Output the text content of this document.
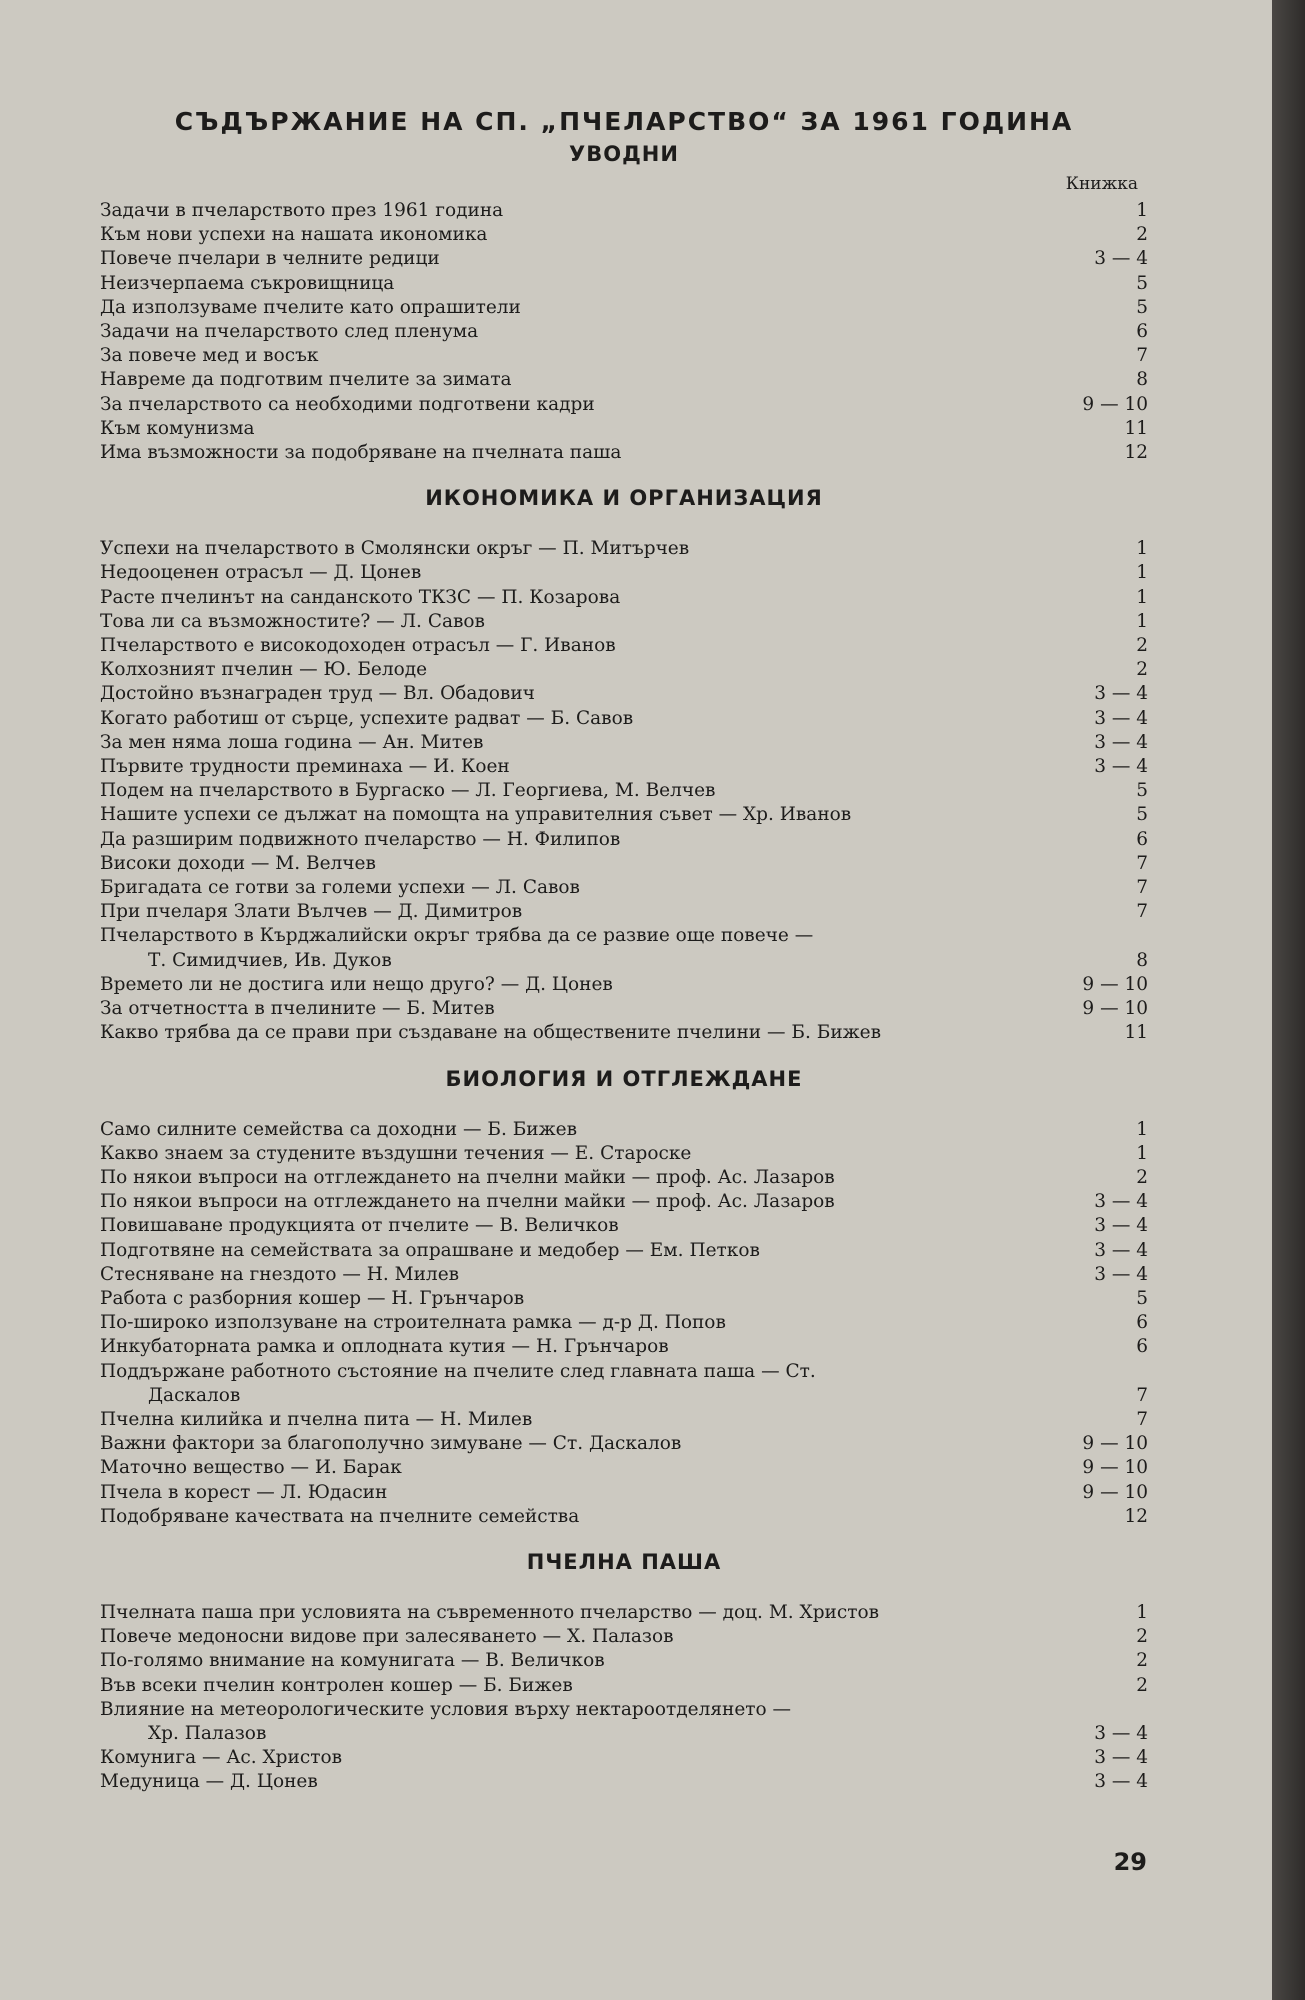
СЪДЪРЖАНИЕ НА СП. „ПЧЕЛАРСТВО“ ЗА 1961 ГОДИНА
УВОДНИ
Книжка
Задачи в пчеларството през 1961 година	1
Към нови успехи на нашата икономика	2
Повече пчелари в челните редици	3 — 4
Неизчерпаема съкровищница	5
Да използуваме пчелите като опрашители	5
Задачи на пчеларството след пленума	6
За повече мед и восък	7
Навреме да подготвим пчелите за зимата	8
За пчеларството са необходими подготвени кадри	9 — 10
Към комунизма	11
Има възможности за подобряване на пчелната паша	12
ИКОНОМИКА И ОРГАНИЗАЦИЯ
Успехи на пчеларството в Смолянски окръг — П. Митърчев	1
Недооценен отрасъл — Д. Цонев	1
Расте пчелинът на санданското ТКЗС — П. Козарова	1
Това ли са възможностите? — Л. Савов	1
Пчеларството е високодоходен отрасъл — Г. Иванов	2
Колхозният пчелин — Ю. Белоде	2
Достойно възнаграден труд — Вл. Обадович	3 — 4
Когато работиш от сърце, успехите радват — Б. Савов	3 — 4
За мен няма лоша година — Ан. Митев	3 — 4
Първите трудности преминаха — И. Коен	3 — 4
Подем на пчеларството в Бургаско — Л. Георгиева, М. Велчев	5
Нашите успехи се дължат на помощта на управителния съвет — Хр. Иванов	5
Да разширим подвижното пчеларство — Н. Филипов	6
Високи доходи — М. Велчев	7
Бригадата се готви за големи успехи — Л. Савов	7
При пчеларя Злати Вълчев — Д. Димитров	7
Пчеларството в Кърджалийски окръг трябва да се развие още повече —
Т. Симидчиев, Ив. Дуков	8
Времето ли не достига или нещо друго? — Д. Цонев	9 — 10
За отчетността в пчелините — Б. Митев	9 — 10
Какво трябва да се прави при създаване на обществените пчелини — Б. Бижев	11
БИОЛОГИЯ И ОТГЛЕЖДАНЕ
Само силните семейства са доходни — Б. Бижев	1
Какво знаем за студените въздушни течения — Е. Староске	1
По някои въпроси на отглеждането на пчелни майки — проф. Ас. Лазаров	2
По някои въпроси на отглеждането на пчелни майки — проф. Ас. Лазаров	3 — 4
Повишаване продукцията от пчелите — В. Величков	3 — 4
Подготвяне на семействата за опрашване и медобер — Ем. Петков	3 — 4
Стесняване на гнездото — Н. Милев	3 — 4
Работа с разборния кошер — Н. Грънчаров	5
По-широко използуване на строителната рамка — д-р Д. Попов	6
Инкубаторната рамка и оплодната кутия — Н. Грънчаров	6
Поддържане работното състояние на пчелите след главната паша — Ст.
Даскалов	7
Пчелна килийка и пчелна пита — Н. Милев	7
Важни фактори за благополучно зимуване — Ст. Даскалов	9 — 10
Маточно вещество — И. Барак	9 — 10
Пчела в корест — Л. Юдасин	9 — 10
Подобряване качествата на пчелните семейства	12
ПЧЕЛНА ПАША
Пчелната паша при условията на съвременното пчеларство — доц. М. Христов	1
Повече медоносни видове при залесяването — Х. Палазов	2
По-голямо внимание на комунигата — В. Величков	2
Във всеки пчелин контролен кошер — Б. Бижев	2
Влияние на метеорологическите условия върху нектароотделянето —
Хр. Палазов	3 — 4
Комунига — Ас. Христов	3 — 4
Медуница — Д. Цонев	3 — 4
29
